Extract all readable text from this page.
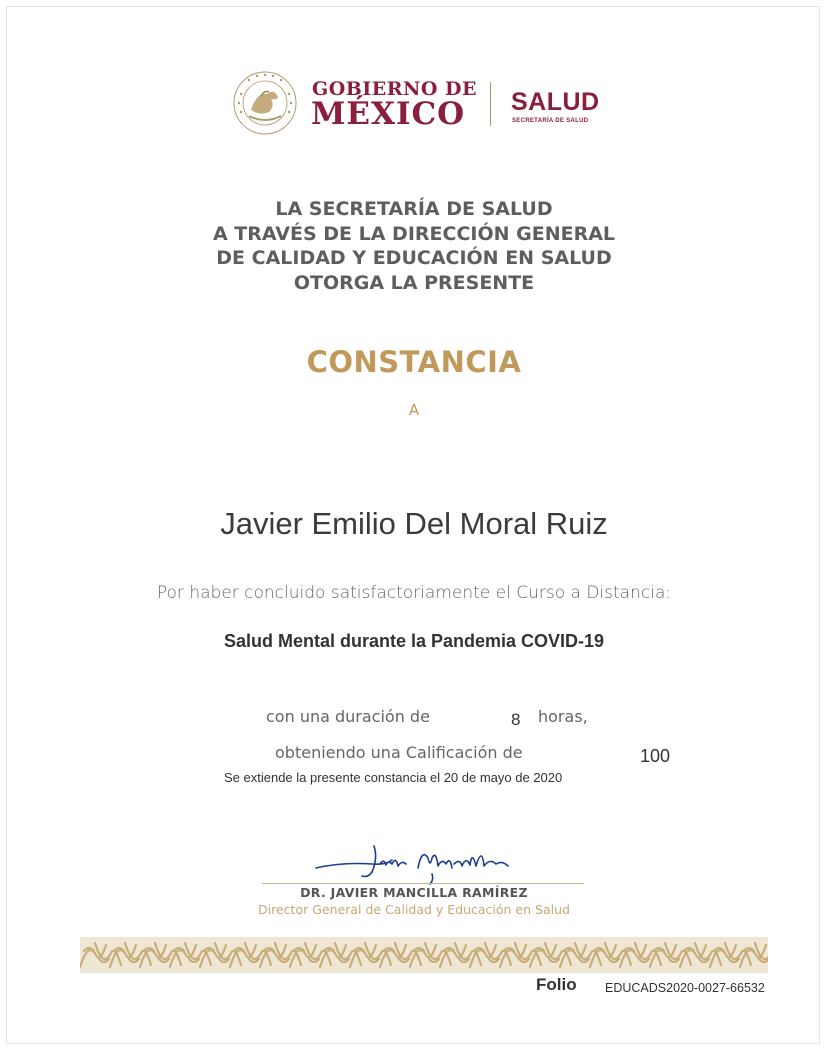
GOBIERNO DE
MÉXICO SALUD
SECRETARÍA DE SALUD
LA SECRETARÍA DE SALUD
A TRAVÉS DE LA DIRECCIÓN GENERAL
DE CALIDAD Y EDUCACIÓN EN SALUD
OTORGA LA PRESENTE
CONSTANCIA
A
Javier Emilio Del Moral Ruiz
Por haber concluido satisfactoriamente el Curso a Distancia:
Salud Mental durante la Pandemia COVID-19
con una duración de	8 horas,
obteniendo una Calificación de	100
Se extiende la presente constancia el 20 de mayo de 2020
DR. JAVIER MANCILLA RAMÍREZ
Director General de Calidad y Educación en Salud
Folio EDUCADS2020-0027-66532
